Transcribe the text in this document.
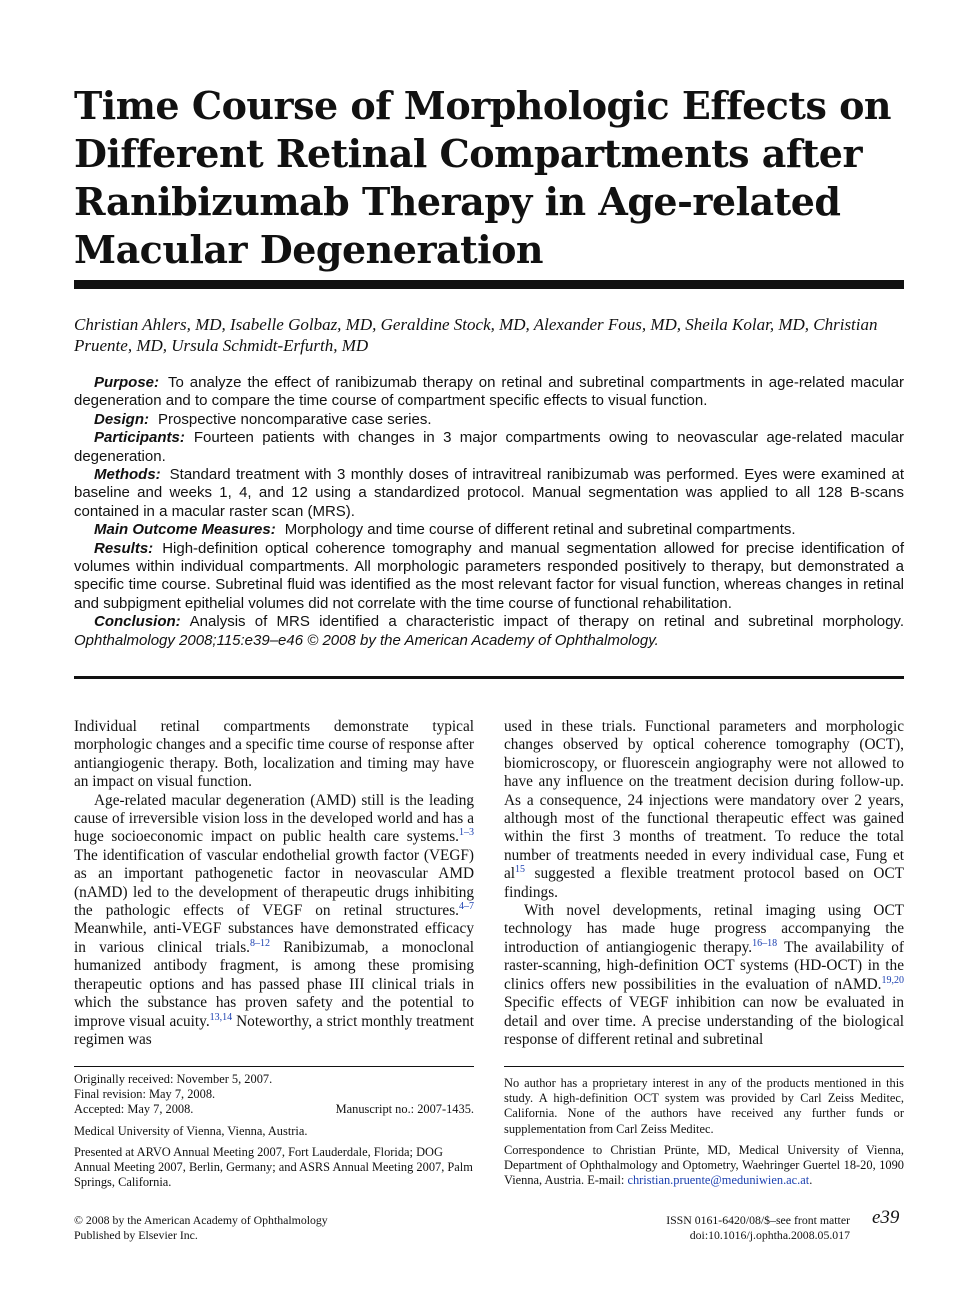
Time Course of Morphologic Effects on Different Retinal Compartments after Ranibizumab Therapy in Age-related Macular Degeneration
Christian Ahlers, MD, Isabelle Golbaz, MD, Geraldine Stock, MD, Alexander Fous, MD, Sheila Kolar, MD, Christian Pruente, MD, Ursula Schmidt-Erfurth, MD

Purpose: To analyze the effect of ranibizumab therapy on retinal and subretinal compartments in age-related macular degeneration and to compare the time course of compartment specific effects to visual function.

Design: Prospective noncomparative case series.

Participants: Fourteen patients with changes in 3 major compartments owing to neovascular age-related macular degeneration.

Methods: Standard treatment with 3 monthly doses of intravitreal ranibizumab was performed. Eyes were examined at baseline and weeks 1, 4, and 12 using a standardized protocol. Manual segmentation was applied to all 128 B-scans contained in a macular raster scan (MRS).

Main Outcome Measures: Morphology and time course of different retinal and subretinal compartments.

Results: High-definition optical coherence tomography and manual segmentation allowed for precise identification of volumes within individual compartments. All morphologic parameters responded positively to therapy, but demonstrated a specific time course. Subretinal fluid was identified as the most relevant factor for visual function, whereas changes in retinal and subpigment epithelial volumes did not correlate with the time course of functional rehabilitation.

Conclusion: Analysis of MRS identified a characteristic impact of therapy on retinal and subretinal morphology. Ophthalmology 2008;115:e39–e46 © 2008 by the American Academy of Ophthalmology.

Individual retinal compartments demonstrate typical morphologic changes and a specific time course of response after antiangiogenic therapy. Both, localization and timing may have an impact on visual function.

Age-related macular degeneration (AMD) still is the leading cause of irreversible vision loss in the developed world and has a huge socioeconomic impact on public health care systems.$^{1-3}$ The identification of vascular endothelial growth factor (VEGF) as an important pathogenetic factor in neovascular AMD (nAMD) led to the development of therapeutic drugs inhibiting the pathologic effects of VEGF on retinal structures.$^{4-7}$ Meanwhile, anti-VEGF substances have demonstrated efficacy in various clinical trials.$^{8-12}$ Ranibizumab, a monoclonal humanized antibody fragment, is among these promising therapeutic options and has passed phase III clinical trials in which the substance has proven safety and the potential to improve visual acuity.$^{13,14}$ Noteworthy, a strict monthly treatment regimen was

used in these trials. Functional parameters and morphologic changes observed by optical coherence tomography (OCT), biomicroscopy, or fluorescein angiography were not allowed to have any influence on the treatment decision during follow-up. As a consequence, 24 injections were mandatory over 2 years, although most of the functional therapeutic effect was gained within the first 3 months of treatment. To reduce the total number of treatments needed in every individual case, Fung et al$^{15}$ suggested a flexible treatment protocol based on OCT findings.

With novel developments, retinal imaging using OCT technology has made huge progress accompanying the introduction of antiangiogenic therapy.$^{16-18}$ The availability of raster-scanning, high-definition OCT systems (HD-OCT) in the clinics offers new possibilities in the evaluation of nAMD.$^{19,20}$ Specific effects of VEGF inhibition can now be evaluated in detail and over time. A precise understanding of the biological response of different retinal and subretinal

Originally received: November 5, 2007.

Final revision: May 7, 2008.

Accepted: May 7, 2008.	Manuscript no.: 2007-1435.

Medical University of Vienna, Vienna, Austria.

Presented at ARVO Annual Meeting 2007, Fort Lauderdale, Florida; DOG Annual Meeting 2007, Berlin, Germany; and ASRS Annual Meeting 2007, Palm Springs, California.

No author has a proprietary interest in any of the products mentioned in this study. A high-definition OCT system was provided by Carl Zeiss Meditec, California. None of the authors have received any further funds or supplementation from Carl Zeiss Meditec.

Correspondence to Christian Prünte, MD, Medical University of Vienna, Department of Ophthalmology and Optometry, Waehringer Guertel 18-20, 1090 Vienna, Austria. E-mail: christian.pruente@meduniwien.ac.at.

© 2008 by the American Academy of Ophthalmology

Published by Elsevier Inc.

ISSN 0161-6420/08/$–see front matter

doi:10.1016/j.ophtha.2008.05.017

e39
